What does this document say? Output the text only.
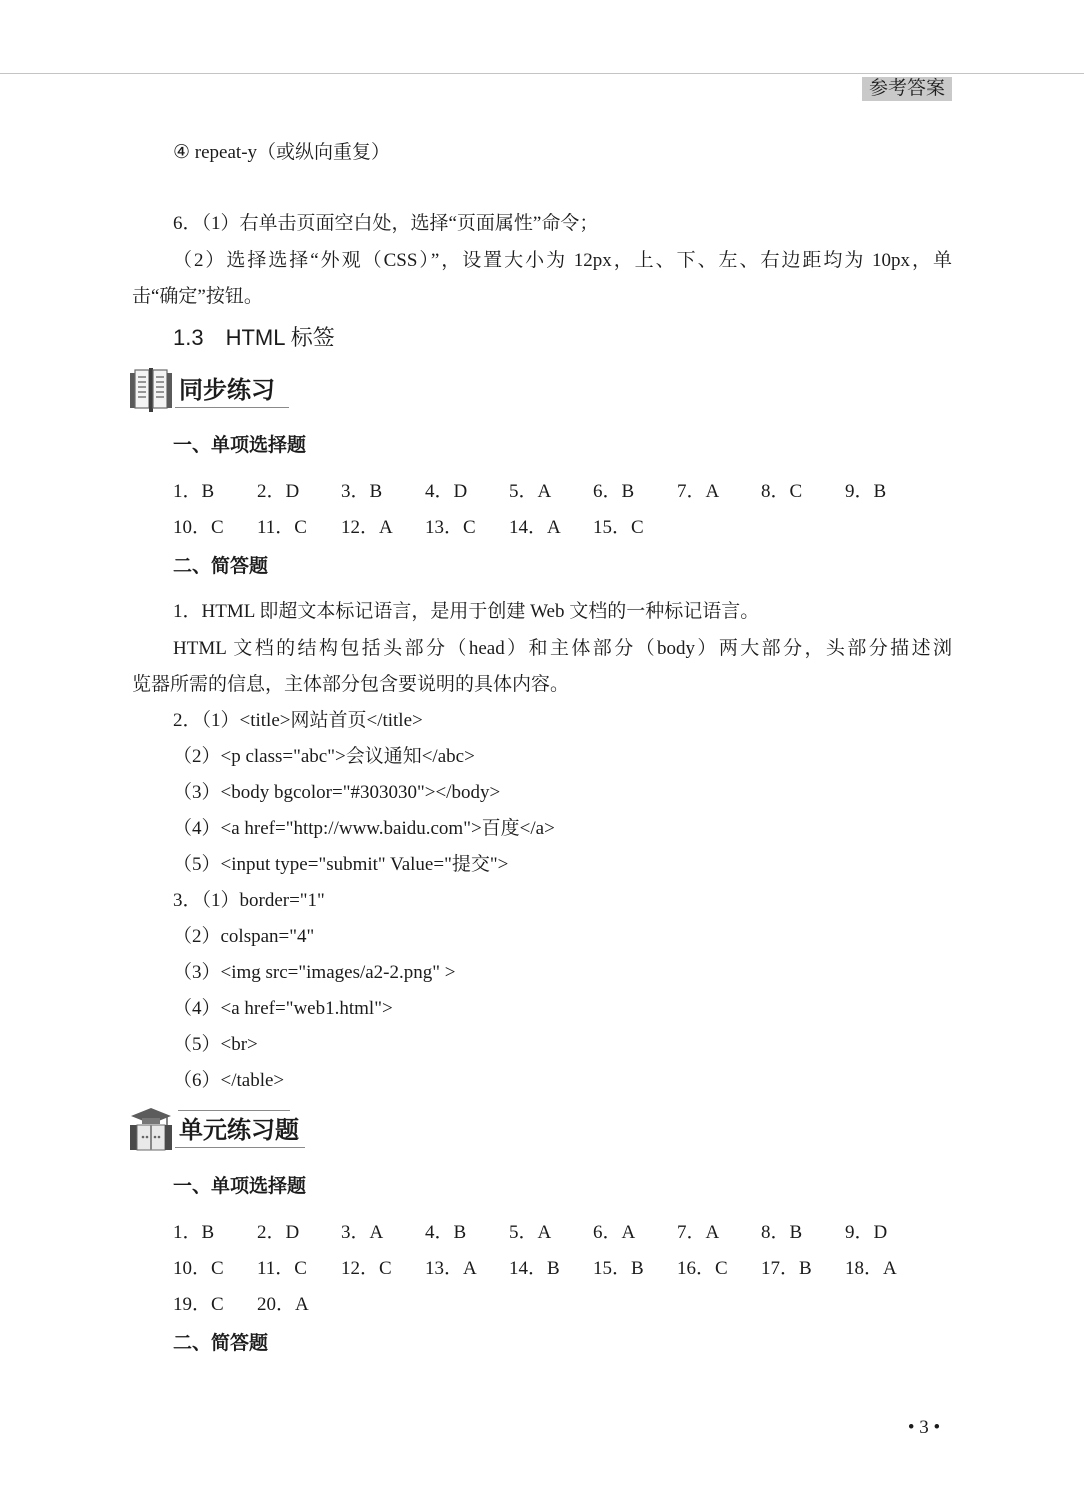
参考答案
④ repeat-y（或纵向重复）
6．（1）右单击页面空白处，选择“页面属性”命令；
（2）选择选择“外观（CSS）”，设置大小为 12px，上、下、左、右边距均为 10px，单
击“确定”按钮。
1.3　HTML 标签
同步练习
一、单项选择题
1．B	2．D	3．B	4．D	5．A	6．B	7．A	8．C	9．B
10．C	11．C	12．A	13．C	14．A	15．C
二、简答题
1．HTML 即超文本标记语言，是用于创建 Web 文档的一种标记语言。
HTML 文档的结构包括头部分（head）和主体部分（body）两大部分，头部分描述浏
览器所需的信息，主体部分包含要说明的具体内容。
2．（1）<title>网站首页</title>
（2）<p class="abc">会议通知</abc>
（3）<body bgcolor="#303030"></body>
（4）<a href="http://www.baidu.com">百度</a>
（5）<input type="submit" Value="提交">
3．（1）border="1"
（2）colspan="4"
（3）<img src="images/a2-2.png" >
（4）<a href="web1.html">
（5）<br>
（6）</table>
单元练习题
一、单项选择题
1．B	2．D	3．A	4．B	5．A	6．A	7．A	8．B	9．D
10．C	11．C	12．C	13．A	14．B	15．B	16．C	17．B	18．A
19．C	20．A
二、简答题
• 3 •
